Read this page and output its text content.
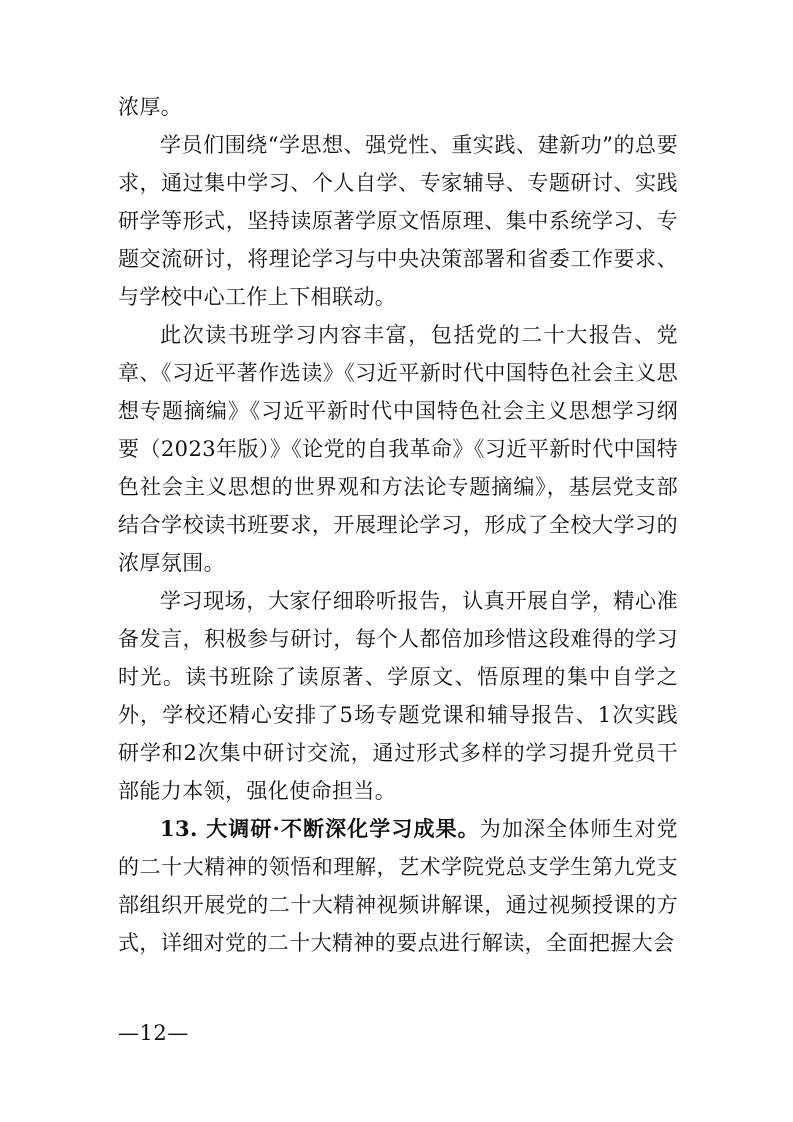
浓厚。

学员们围绕“学思想、强党性、重实践、建新功”的总要求，通过集中学习、个人自学、专家辅导、专题研讨、实践研学等形式，坚持读原著学原文悟原理、集中系统学习、专题交流研讨，将理论学习与中央决策部署和省委工作要求、与学校中心工作上下相联动。

此次读书班学习内容丰富，包括党的二十大报告、党章、《习近平著作选读》《习近平新时代中国特色社会主义思想专题摘编》《习近平新时代中国特色社会主义思想学习纲要（2023年版）》《论党的自我革命》《习近平新时代中国特色社会主义思想的世界观和方法论专题摘编》，基层党支部结合学校读书班要求，开展理论学习，形成了全校大学习的浓厚氛围。

学习现场，大家仔细聆听报告，认真开展自学，精心准备发言，积极参与研讨，每个人都倍加珍惜这段难得的学习时光。读书班除了读原著、学原文、悟原理的集中自学之外，学校还精心安排了5场专题党课和辅导报告、1次实践研学和2次集中研讨交流，通过形式多样的学习提升党员干部能力本领，强化使命担当。

13. 大调研·不断深化学习成果。为加深全体师生对党的二十大精神的领悟和理解，艺术学院党总支学生第九党支部组织开展党的二十大精神视频讲解课，通过视频授课的方式，详细对党的二十大精神的要点进行解读，全面把握大会

—12—
